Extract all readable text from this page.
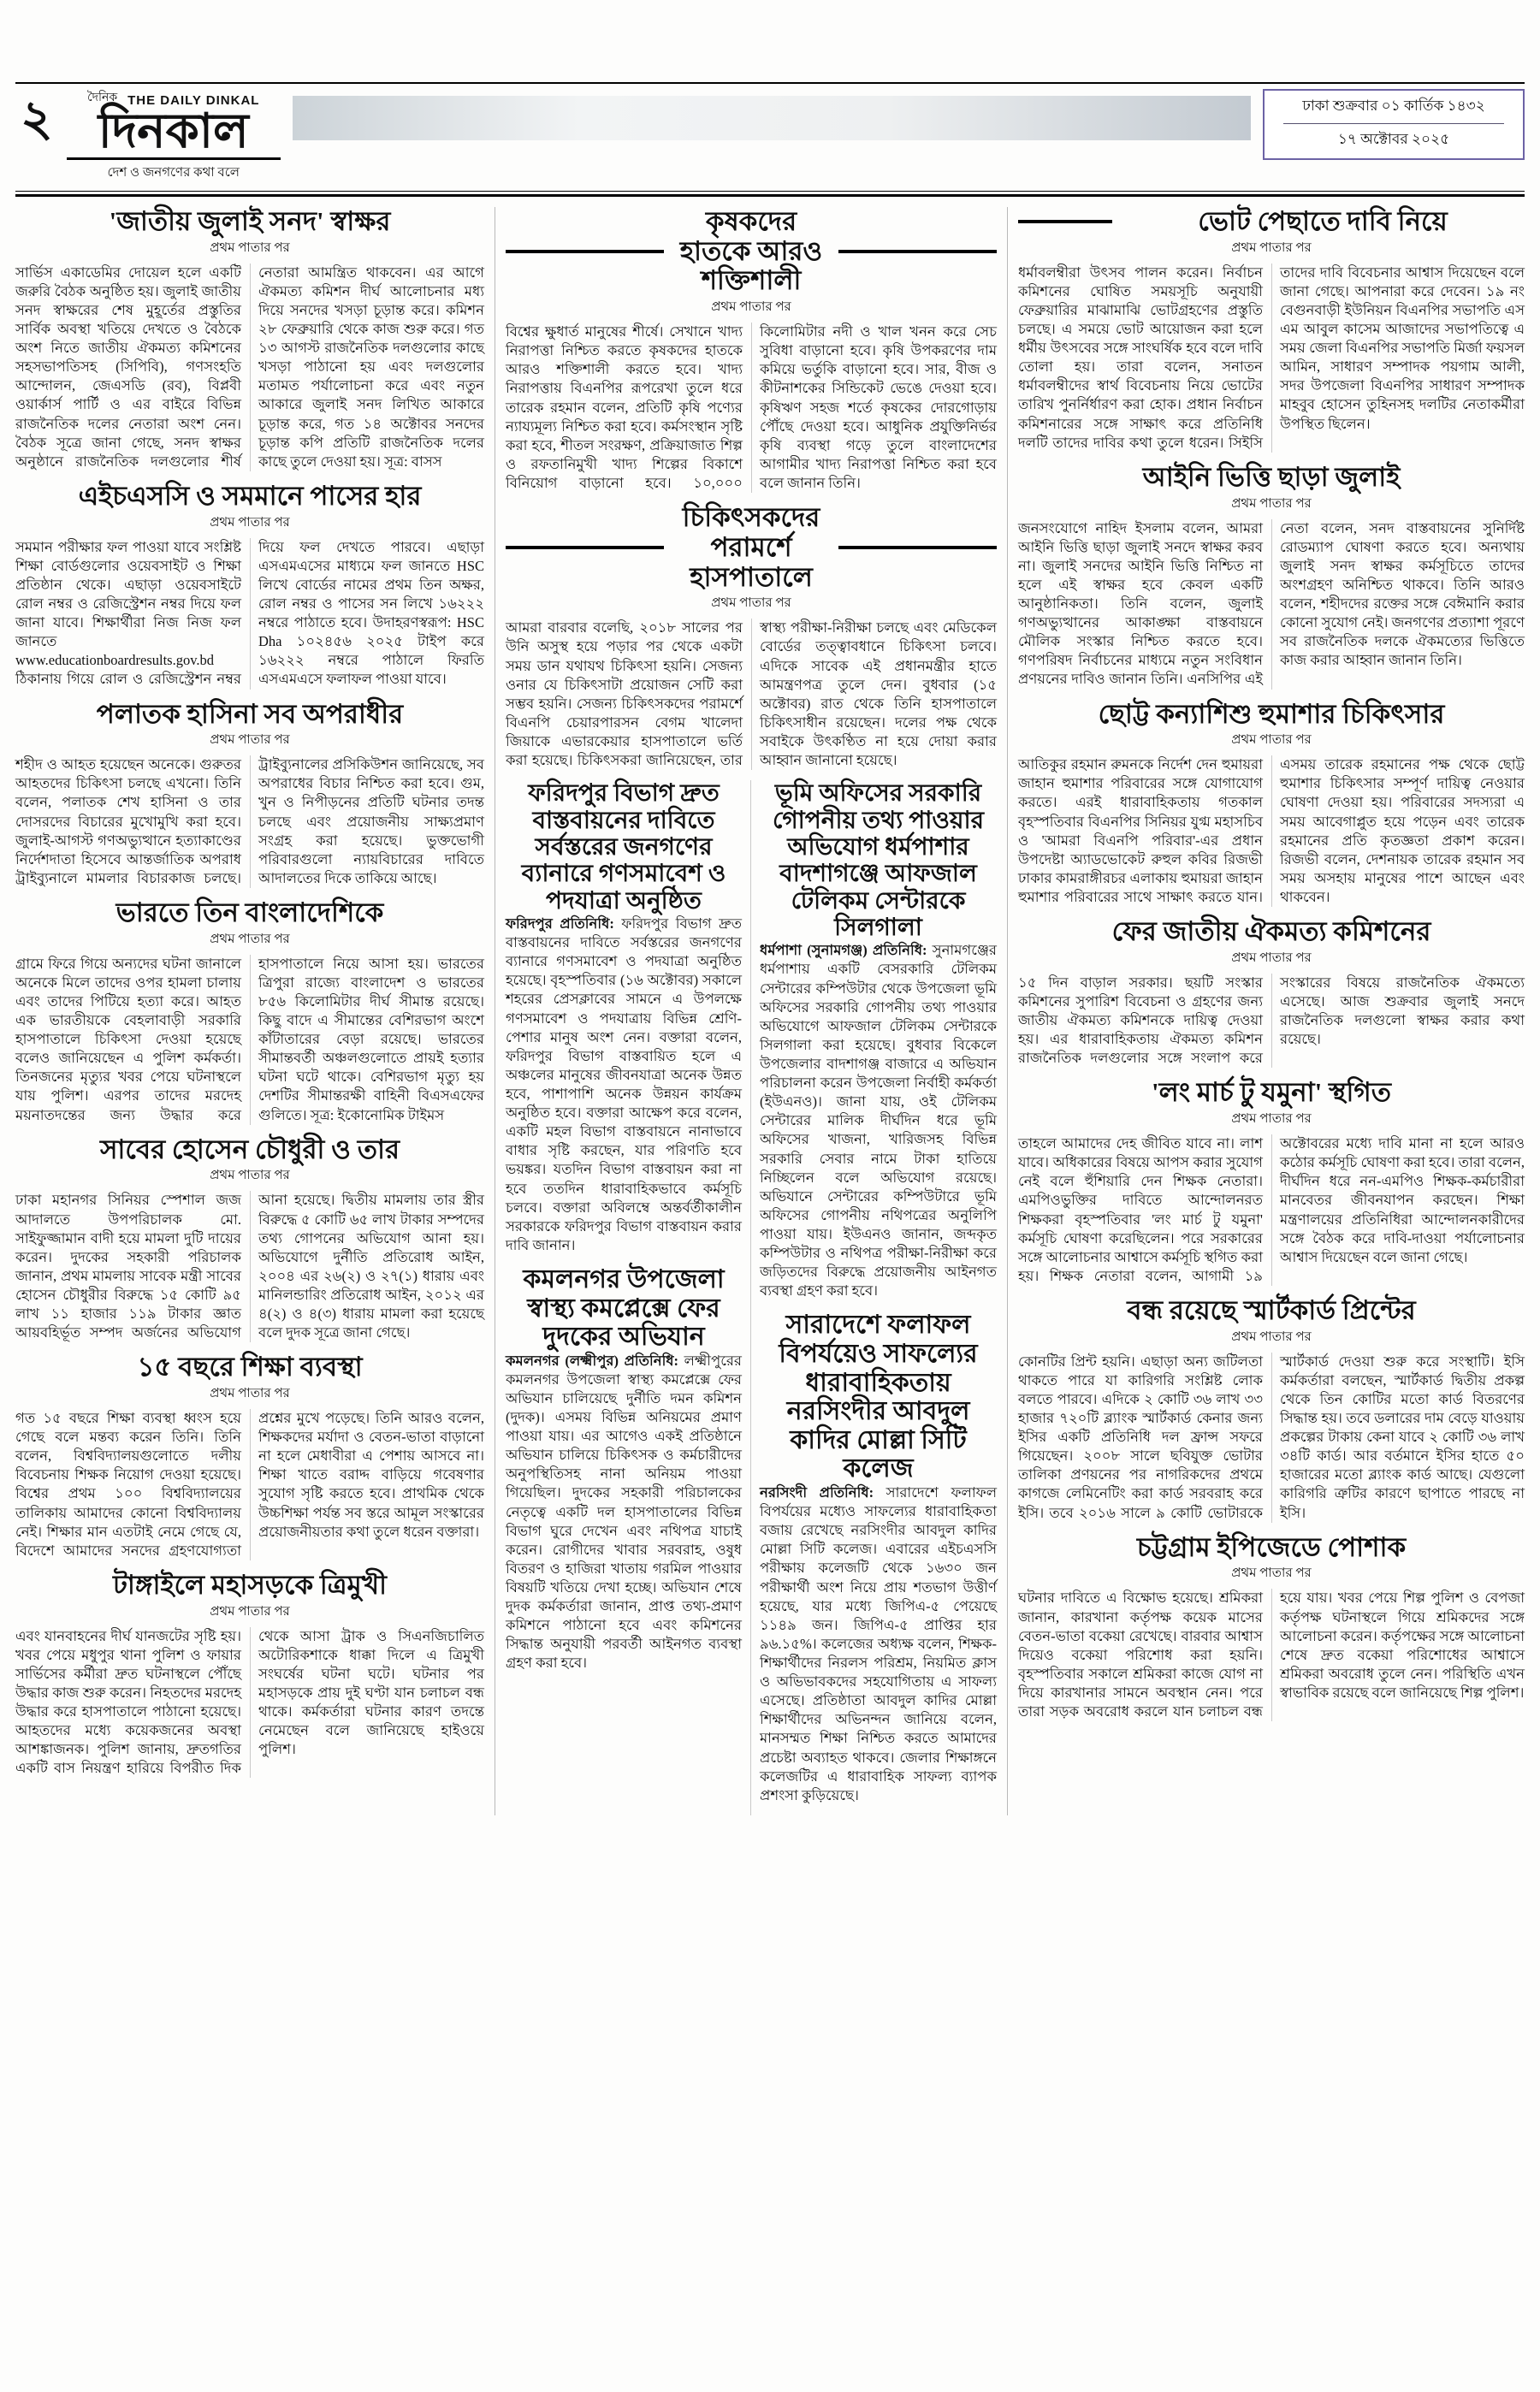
২	দৈনিক THE DAILY DINKAL
দিনকাল
দেশ ও জনগণের কথা বলে
ঢাকা শুক্রবার ০১ কার্তিক ১৪৩২
১৭ অক্টোবর ২০২৫
'জাতীয় জুলাই সনদ' স্বাক্ষর
প্রথম পাতার পর

সার্ভিস একাডেমির দোয়েল হলে একটি জরুরি বৈঠক অনুষ্ঠিত হয়। জুলাই জাতীয় সনদ স্বাক্ষরের শেষ মুহূর্তের প্রস্তুতির সার্বিক অবস্থা খতিয়ে দেখতে ও বৈঠকে অংশ নিতে জাতীয় ঐকমত্য কমিশনের সহসভাপতিসহ (সিপিবি), গণসংহতি আন্দোলন, জেএসডি (রব), বিপ্লবী ওয়ার্কার্স পার্টি ও এর বাইরে বিভিন্ন রাজনৈতিক দলের নেতারা অংশ নেন। বৈঠক সূত্রে জানা গেছে, সনদ স্বাক্ষর অনুষ্ঠানে রাজনৈতিক দলগুলোর শীর্ষ নেতারা আমন্ত্রিত থাকবেন। এর আগে ঐকমত্য কমিশন দীর্ঘ আলোচনার মধ্য দিয়ে সনদের খসড়া চূড়ান্ত করে। কমিশন ২৮ ফেব্রুয়ারি থেকে কাজ শুরু করে। গত ১৩ আগস্ট রাজনৈতিক দলগুলোর কাছে খসড়া পাঠানো হয় এবং দলগুলোর মতামত পর্যালোচনা করে এবং নতুন আকারে জুলাই সনদ লিখিত আকারে চূড়ান্ত করে, গত ১৪ অক্টোবর সনদের চূড়ান্ত কপি প্রতিটি রাজনৈতিক দলের কাছে তুলে দেওয়া হয়। সূত্র: বাসস

এইচএসসি ও সমমানে পাসের হার
প্রথম পাতার পর

সমমান পরীক্ষার ফল পাওয়া যাবে সংশ্লিষ্ট শিক্ষা বোর্ডগুলোর ওয়েবসাইট ও শিক্ষা প্রতিষ্ঠান থেকে। এছাড়া ওয়েবসাইটে রোল নম্বর ও রেজিস্ট্রেশন নম্বর দিয়ে ফল জানা যাবে। শিক্ষার্থীরা নিজ নিজ ফল জানতে www.educationboardresults.gov.bd ঠিকানায় গিয়ে রোল ও রেজিস্ট্রেশন নম্বর দিয়ে ফল দেখতে পারবে। এছাড়া এসএমএসের মাধ্যমে ফল জানতে HSC লিখে বোর্ডের নামের প্রথম তিন অক্ষর, রোল নম্বর ও পাসের সন লিখে ১৬২২২ নম্বরে পাঠাতে হবে। উদাহরণস্বরূপ: HSC Dha ১০২৪৫৬ ২০২৫ টাইপ করে ১৬২২২ নম্বরে পাঠালে ফিরতি এসএমএসে ফলাফল পাওয়া যাবে।

পলাতক হাসিনা সব অপরাধীর
প্রথম পাতার পর

শহীদ ও আহত হয়েছেন অনেকে। গুরুতর আহতদের চিকিৎসা চলছে এখনো। তিনি বলেন, পলাতক শেখ হাসিনা ও তার দোসরদের বিচারের মুখোমুখি করা হবে। জুলাই-আগস্ট গণঅভ্যুত্থানে হত্যাকাণ্ডের নির্দেশদাতা হিসেবে আন্তর্জাতিক অপরাধ ট্রাইব্যুনালে মামলার বিচারকাজ চলছে। ট্রাইব্যুনালের প্রসিকিউশন জানিয়েছে, সব অপরাধের বিচার নিশ্চিত করা হবে। গুম, খুন ও নিপীড়নের প্রতিটি ঘটনার তদন্ত চলছে এবং প্রয়োজনীয় সাক্ষ্যপ্রমাণ সংগ্রহ করা হয়েছে। ভুক্তভোগী পরিবারগুলো ন্যায়বিচারের দাবিতে আদালতের দিকে তাকিয়ে আছে।

ভারতে তিন বাংলাদেশিকে
প্রথম পাতার পর

গ্রামে ফিরে গিয়ে অন্যদের ঘটনা জানালে অনেকে মিলে তাদের ওপর হামলা চালায় এবং তাদের পিটিয়ে হত্যা করে। আহত এক ভারতীয়কে বেহলাবাড়ী সরকারি হাসপাতালে চিকিৎসা দেওয়া হয়েছে বলেও জানিয়েছেন এ পুলিশ কর্মকর্তা। তিনজনের মৃত্যুর খবর পেয়ে ঘটনাস্থলে যায় পুলিশ। এরপর তাদের মরদেহ ময়নাতদন্তের জন্য উদ্ধার করে হাসপাতালে নিয়ে আসা হয়। ভারতের ত্রিপুরা রাজ্যে বাংলাদেশ ও ভারতের ৮৫৬ কিলোমিটার দীর্ঘ সীমান্ত রয়েছে। কিছু বাদে এ সীমান্তের বেশিরভাগ অংশে কাঁটাতারের বেড়া রয়েছে। ভারতের সীমান্তবর্তী অঞ্চলগুলোতে প্রায়ই হত্যার ঘটনা ঘটে থাকে। বেশিরভাগ মৃত্যু হয় দেশটির সীমান্তরক্ষী বাহিনী বিএসএফের গুলিতে। সূত্র: ইকোনোমিক টাইমস

সাবের হোসেন চৌধুরী ও তার
প্রথম পাতার পর

ঢাকা মহানগর সিনিয়র স্পেশাল জজ আদালতে উপপরিচালক মো. সাইফুজ্জামান বাদী হয়ে মামলা দুটি দায়ের করেন। দুদকের সহকারী পরিচালক জানান, প্রথম মামলায় সাবেক মন্ত্রী সাবের হোসেন চৌধুরীর বিরুদ্ধে ১৫ কোটি ৯৫ লাখ ১১ হাজার ১১৯ টাকার জ্ঞাত আয়বহির্ভূত সম্পদ অর্জনের অভিযোগ আনা হয়েছে। দ্বিতীয় মামলায় তার স্ত্রীর বিরুদ্ধে ৫ কোটি ৬৫ লাখ টাকার সম্পদের তথ্য গোপনের অভিযোগ আনা হয়। অভিযোগে দুর্নীতি প্রতিরোধ আইন, ২০০৪ এর ২৬(২) ও ২৭(১) ধারায় এবং মানিলন্ডারিং প্রতিরোধ আইন, ২০১২ এর ৪(২) ও ৪(৩) ধারায় মামলা করা হয়েছে বলে দুদক সূত্রে জানা গেছে।

১৫ বছরে শিক্ষা ব্যবস্থা
প্রথম পাতার পর

গত ১৫ বছরে শিক্ষা ব্যবস্থা ধ্বংস হয়ে গেছে বলে মন্তব্য করেন তিনি। তিনি বলেন, বিশ্ববিদ্যালয়গুলোতে দলীয় বিবেচনায় শিক্ষক নিয়োগ দেওয়া হয়েছে। বিশ্বের প্রথম ১০০ বিশ্ববিদ্যালয়ের তালিকায় আমাদের কোনো বিশ্ববিদ্যালয় নেই। শিক্ষার মান এতটাই নেমে গেছে যে, বিদেশে আমাদের সনদের গ্রহণযোগ্যতা প্রশ্নের মুখে পড়েছে। তিনি আরও বলেন, শিক্ষকদের মর্যাদা ও বেতন-ভাতা বাড়ানো না হলে মেধাবীরা এ পেশায় আসবে না। শিক্ষা খাতে বরাদ্দ বাড়িয়ে গবেষণার সুযোগ সৃষ্টি করতে হবে। প্রাথমিক থেকে উচ্চশিক্ষা পর্যন্ত সব স্তরে আমূল সংস্কারের প্রয়োজনীয়তার কথা তুলে ধরেন বক্তারা।

টাঙ্গাইলে মহাসড়কে ত্রিমুখী
প্রথম পাতার পর

এবং যানবাহনের দীর্ঘ যানজটের সৃষ্টি হয়। খবর পেয়ে মধুপুর থানা পুলিশ ও ফায়ার সার্ভিসের কর্মীরা দ্রুত ঘটনাস্থলে পৌঁছে উদ্ধার কাজ শুরু করেন। নিহতদের মরদেহ উদ্ধার করে হাসপাতালে পাঠানো হয়েছে। আহতদের মধ্যে কয়েকজনের অবস্থা আশঙ্কাজনক। পুলিশ জানায়, দ্রুতগতির একটি বাস নিয়ন্ত্রণ হারিয়ে বিপরীত দিক থেকে আসা ট্রাক ও সিএনজিচালিত অটোরিকশাকে ধাক্কা দিলে এ ত্রিমুখী সংঘর্ষের ঘটনা ঘটে। ঘটনার পর মহাসড়কে প্রায় দুই ঘণ্টা যান চলাচল বন্ধ থাকে। কর্মকর্তারা ঘটনার কারণ তদন্তে নেমেছেন বলে জানিয়েছে হাইওয়ে পুলিশ।

কৃষকদের হাতকে আরও শক্তিশালী
প্রথম পাতার পর

বিশ্বের ক্ষুধার্ত মানুষের শীর্ষে। সেখানে খাদ্য নিরাপত্তা নিশ্চিত করতে কৃষকদের হাতকে আরও শক্তিশালী করতে হবে। খাদ্য নিরাপত্তায় বিএনপির রূপরেখা তুলে ধরে তারেক রহমান বলেন, প্রতিটি কৃষি পণ্যের ন্যায্যমূল্য নিশ্চিত করা হবে। কর্মসংস্থান সৃষ্টি করা হবে, শীতল সংরক্ষণ, প্রক্রিয়াজাত শিল্প ও রফতানিমুখী খাদ্য শিল্পের বিকাশে বিনিয়োগ বাড়ানো হবে। ১০,০০০ কিলোমিটার নদী ও খাল খনন করে সেচ সুবিধা বাড়ানো হবে। কৃষি উপকরণের দাম কমিয়ে ভর্তুকি বাড়ানো হবে। সার, বীজ ও কীটনাশকের সিন্ডিকেট ভেঙে দেওয়া হবে। কৃষিঋণ সহজ শর্তে কৃষকের দোরগোড়ায় পৌঁছে দেওয়া হবে। আধুনিক প্রযুক্তিনির্ভর কৃষি ব্যবস্থা গড়ে তুলে বাংলাদেশের আগামীর খাদ্য নিরাপত্তা নিশ্চিত করা হবে বলে জানান তিনি।

চিকিৎসকদের পরামর্শে হাসপাতালে
প্রথম পাতার পর

আমরা বারবার বলেছি, ২০১৮ সালের পর উনি অসুস্থ হয়ে পড়ার পর থেকে একটা সময় ডান যথাযথ চিকিৎসা হয়নি। সেজন্য ওনার যে চিকিৎসাটা প্রয়োজন সেটি করা সম্ভব হয়নি। সেজন্য চিকিৎসকদের পরামর্শে বিএনপি চেয়ারপারসন বেগম খালেদা জিয়াকে এভারকেয়ার হাসপাতালে ভর্তি করা হয়েছে। চিকিৎসকরা জানিয়েছেন, তার স্বাস্থ্য পরীক্ষা-নিরীক্ষা চলছে এবং মেডিকেল বোর্ডের তত্ত্বাবধানে চিকিৎসা চলবে। এদিকে সাবেক এই প্রধানমন্ত্রীর হাতে আমন্ত্রণপত্র তুলে দেন। বুধবার (১৫ অক্টোবর) রাত থেকে তিনি হাসপাতালে চিকিৎসাধীন রয়েছেন। দলের পক্ষ থেকে সবাইকে উৎকণ্ঠিত না হয়ে দোয়া করার আহ্বান জানানো হয়েছে।

ফরিদপুর বিভাগ দ্রুত বাস্তবায়নের দাবিতে সর্বস্তরের জনগণের ব্যানারে গণসমাবেশ ও পদযাত্রা অনুষ্ঠিত

ফরিদপুর প্রতিনিধি: ফরিদপুর বিভাগ দ্রুত বাস্তবায়নের দাবিতে সর্বস্তরের জনগণের ব্যানারে গণসমাবেশ ও পদযাত্রা অনুষ্ঠিত হয়েছে। বৃহস্পতিবার (১৬ অক্টোবর) সকালে শহরের প্রেসক্লাবের সামনে এ উপলক্ষে গণসমাবেশ ও পদযাত্রায় বিভিন্ন শ্রেণি-পেশার মানুষ অংশ নেন। বক্তারা বলেন, ফরিদপুর বিভাগ বাস্তবায়িত হলে এ অঞ্চলের মানুষের জীবনযাত্রা অনেক উন্নত হবে, পাশাপাশি অনেক উন্নয়ন কার্যক্রম অনুষ্ঠিত হবে। বক্তারা আক্ষেপ করে বলেন, একটি মহল বিভাগ বাস্তবায়নে নানাভাবে বাধার সৃষ্টি করছেন, যার পরিণতি হবে ভয়ঙ্কর। যতদিন বিভাগ বাস্তবায়ন করা না হবে ততদিন ধারাবাহিকভাবে কর্মসূচি চলবে। বক্তারা অবিলম্বে অন্তর্বর্তীকালীন সরকারকে ফরিদপুর বিভাগ বাস্তবায়ন করার দাবি জানান।

কমলনগর উপজেলা স্বাস্থ্য কমপ্লেক্সে ফের দুদকের অভিযান

কমলনগর (লক্ষ্মীপুর) প্রতিনিধি: লক্ষ্মীপুরের কমলনগর উপজেলা স্বাস্থ্য কমপ্লেক্সে ফের অভিযান চালিয়েছে দুর্নীতি দমন কমিশন (দুদক)। এসময় বিভিন্ন অনিয়মের প্রমাণ পাওয়া যায়। এর আগেও একই প্রতিষ্ঠানে অভিযান চালিয়ে চিকিৎসক ও কর্মচারীদের অনুপস্থিতিসহ নানা অনিয়ম পাওয়া গিয়েছিল। দুদকের সহকারী পরিচালকের নেতৃত্বে একটি দল হাসপাতালের বিভিন্ন বিভাগ ঘুরে দেখেন এবং নথিপত্র যাচাই করেন। রোগীদের খাবার সরবরাহ, ওষুধ বিতরণ ও হাজিরা খাতায় গরমিল পাওয়ার বিষয়টি খতিয়ে দেখা হচ্ছে। অভিযান শেষে দুদক কর্মকর্তারা জানান, প্রাপ্ত তথ্য-প্রমাণ কমিশনে পাঠানো হবে এবং কমিশনের সিদ্ধান্ত অনুযায়ী পরবর্তী আইনগত ব্যবস্থা গ্রহণ করা হবে।

ভূমি অফিসের সরকারি গোপনীয় তথ্য পাওয়ার অভিযোগ ধর্মপাশার বাদশাগঞ্জে আফজাল টেলিকম সেন্টারকে সিলগালা

ধর্মপাশা (সুনামগঞ্জ) প্রতিনিধি: সুনামগঞ্জের ধর্মপাশায় একটি বেসরকারি টেলিকম সেন্টারের কম্পিউটার থেকে উপজেলা ভূমি অফিসের সরকারি গোপনীয় তথ্য পাওয়ার অভিযোগে আফজাল টেলিকম সেন্টারকে সিলগালা করা হয়েছে। বুধবার বিকেলে উপজেলার বাদশাগঞ্জ বাজারে এ অভিযান পরিচালনা করেন উপজেলা নির্বাহী কর্মকর্তা (ইউএনও)। জানা যায়, ওই টেলিকম সেন্টারের মালিক দীর্ঘদিন ধরে ভূমি অফিসের খাজনা, খারিজসহ বিভিন্ন সরকারি সেবার নামে টাকা হাতিয়ে নিচ্ছিলেন বলে অভিযোগ রয়েছে। অভিযানে সেন্টারের কম্পিউটারে ভূমি অফিসের গোপনীয় নথিপত্রের অনুলিপি পাওয়া যায়। ইউএনও জানান, জব্দকৃত কম্পিউটার ও নথিপত্র পরীক্ষা-নিরীক্ষা করে জড়িতদের বিরুদ্ধে প্রয়োজনীয় আইনগত ব্যবস্থা গ্রহণ করা হবে।

সারাদেশে ফলাফল বিপর্যয়েও সাফল্যের ধারাবাহিকতায় নরসিংদীর আবদুল কাদির মোল্লা সিটি কলেজ

নরসিংদী প্রতিনিধি: সারাদেশে ফলাফল বিপর্যয়ের মধ্যেও সাফল্যের ধারাবাহিকতা বজায় রেখেছে নরসিংদীর আবদুল কাদির মোল্লা সিটি কলেজ। এবারের এইচএসসি পরীক্ষায় কলেজটি থেকে ১৬৩০ জন পরীক্ষার্থী অংশ নিয়ে প্রায় শতভাগ উত্তীর্ণ হয়েছে, যার মধ্যে জিপিএ-৫ পেয়েছে ১১৪৯ জন। জিপিএ-৫ প্রাপ্তির হার ৯৬.১৫%। কলেজের অধ্যক্ষ বলেন, শিক্ষক-শিক্ষার্থীদের নিরলস পরিশ্রম, নিয়মিত ক্লাস ও অভিভাবকদের সহযোগিতায় এ সাফল্য এসেছে। প্রতিষ্ঠাতা আবদুল কাদির মোল্লা শিক্ষার্থীদের অভিনন্দন জানিয়ে বলেন, মানসম্মত শিক্ষা নিশ্চিত করতে আমাদের প্রচেষ্টা অব্যাহত থাকবে। জেলার শিক্ষাঙ্গনে কলেজটির এ ধারাবাহিক সাফল্য ব্যাপক প্রশংসা কুড়িয়েছে।

ভোট পেছাতে দাবি নিয়ে
প্রথম পাতার পর

ধর্মাবলম্বীরা উৎসব পালন করেন। নির্বাচন কমিশনের ঘোষিত সময়সূচি অনুযায়ী ফেব্রুয়ারির মাঝামাঝি ভোটগ্রহণের প্রস্তুতি চলছে। এ সময়ে ভোট আয়োজন করা হলে ধর্মীয় উৎসবের সঙ্গে সাংঘর্ষিক হবে বলে দাবি তোলা হয়। তারা বলেন, সনাতন ধর্মাবলম্বীদের স্বার্থ বিবেচনায় নিয়ে ভোটের তারিখ পুনর্নির্ধারণ করা হোক। প্রধান নির্বাচন কমিশনারের সঙ্গে সাক্ষাৎ করে প্রতিনিধি দলটি তাদের দাবির কথা তুলে ধরেন। সিইসি তাদের দাবি বিবেচনার আশ্বাস দিয়েছেন বলে জানা গেছে। আপনারা করে দেবেন। ১৯ নং বেগুনবাড়ী ইউনিয়ন বিএনপির সভাপতি এস এম আবুল কাসেম আজাদের সভাপতিত্বে এ সময় জেলা বিএনপির সভাপতি মির্জা ফয়সল আমিন, সাধারণ সম্পাদক পয়গাম আলী, সদর উপজেলা বিএনপির সাধারণ সম্পাদক মাহবুব হোসেন তুহিনসহ দলটির নেতাকর্মীরা উপস্থিত ছিলেন।

আইনি ভিত্তি ছাড়া জুলাই
প্রথম পাতার পর

জনসংযোগে নাহিদ ইসলাম বলেন, আমরা আইনি ভিত্তি ছাড়া জুলাই সনদে স্বাক্ষর করব না। জুলাই সনদের আইনি ভিত্তি নিশ্চিত না হলে এই স্বাক্ষর হবে কেবল একটি আনুষ্ঠানিকতা। তিনি বলেন, জুলাই গণঅভ্যুত্থানের আকাঙ্ক্ষা বাস্তবায়নে মৌলিক সংস্কার নিশ্চিত করতে হবে। গণপরিষদ নির্বাচনের মাধ্যমে নতুন সংবিধান প্রণয়নের দাবিও জানান তিনি। এনসিপির এই নেতা বলেন, সনদ বাস্তবায়নের সুনির্দিষ্ট রোডম্যাপ ঘোষণা করতে হবে। অন্যথায় জুলাই সনদ স্বাক্ষর কর্মসূচিতে তাদের অংশগ্রহণ অনিশ্চিত থাকবে। তিনি আরও বলেন, শহীদদের রক্তের সঙ্গে বেঈমানি করার কোনো সুযোগ নেই। জনগণের প্রত্যাশা পূরণে সব রাজনৈতিক দলকে ঐকমত্যের ভিত্তিতে কাজ করার আহ্বান জানান তিনি।

ছোট্ট কন্যাশিশু হুমাশার চিকিৎসার
প্রথম পাতার পর

আতিকুর রহমান রুমনকে নির্দেশ দেন হুমায়রা জাহান হুমাশার পরিবারের সঙ্গে যোগাযোগ করতে। এরই ধারাবাহিকতায় গতকাল বৃহস্পতিবার বিএনপির সিনিয়র যুগ্ম মহাসচিব ও 'আমরা বিএনপি পরিবার'-এর প্রধান উপদেষ্টা অ্যাডভোকেট রুহুল কবির রিজভী ঢাকার কামরাঙ্গীরচর এলাকায় হুমায়রা জাহান হুমাশার পরিবারের সাথে সাক্ষাৎ করতে যান। এসময় তারেক রহমানের পক্ষ থেকে ছোট্ট হুমাশার চিকিৎসার সম্পূর্ণ দায়িত্ব নেওয়ার ঘোষণা দেওয়া হয়। পরিবারের সদস্যরা এ সময় আবেগাপ্লুত হয়ে পড়েন এবং তারেক রহমানের প্রতি কৃতজ্ঞতা প্রকাশ করেন। রিজভী বলেন, দেশনায়ক তারেক রহমান সব সময় অসহায় মানুষের পাশে আছেন এবং থাকবেন।

ফের জাতীয় ঐকমত্য কমিশনের
প্রথম পাতার পর

১৫ দিন বাড়াল সরকার। ছয়টি সংস্কার কমিশনের সুপারিশ বিবেচনা ও গ্রহণের জন্য জাতীয় ঐকমত্য কমিশনকে দায়িত্ব দেওয়া হয়। এর ধারাবাহিকতায় ঐকমত্য কমিশন রাজনৈতিক দলগুলোর সঙ্গে সংলাপ করে সংস্কারের বিষয়ে রাজনৈতিক ঐকমত্যে এসেছে। আজ শুক্রবার জুলাই সনদে রাজনৈতিক দলগুলো স্বাক্ষর করার কথা রয়েছে।

'লং মার্চ টু যমুনা' স্থগিত
প্রথম পাতার পর

তাহলে আমাদের দেহ জীবিত যাবে না। লাশ যাবে। অধিকারের বিষয়ে আপস করার সুযোগ নেই বলে হুঁশিয়ারি দেন শিক্ষক নেতারা। এমপিওভুক্তির দাবিতে আন্দোলনরত শিক্ষকরা বৃহস্পতিবার 'লং মার্চ টু যমুনা' কর্মসূচি ঘোষণা করেছিলেন। পরে সরকারের সঙ্গে আলোচনার আশ্বাসে কর্মসূচি স্থগিত করা হয়। শিক্ষক নেতারা বলেন, আগামী ১৯ অক্টোবরের মধ্যে দাবি মানা না হলে আরও কঠোর কর্মসূচি ঘোষণা করা হবে। তারা বলেন, দীর্ঘদিন ধরে নন-এমপিও শিক্ষক-কর্মচারীরা মানবেতর জীবনযাপন করছেন। শিক্ষা মন্ত্রণালয়ের প্রতিনিধিরা আন্দোলনকারীদের সঙ্গে বৈঠক করে দাবি-দাওয়া পর্যালোচনার আশ্বাস দিয়েছেন বলে জানা গেছে।

বন্ধ রয়েছে স্মার্টকার্ড প্রিন্টের
প্রথম পাতার পর

কোনটির প্রিন্ট হয়নি। এছাড়া অন্য জটিলতা থাকতে পারে যা কারিগরি সংশ্লিষ্ট লোক বলতে পারবে। এদিকে ২ কোটি ৩৬ লাখ ৩৩ হাজার ৭২০টি ব্ল্যাংক স্মার্টকার্ড কেনার জন্য ইসির একটি প্রতিনিধি দল ফ্রান্স সফরে গিয়েছেন। ২০০৮ সালে ছবিযুক্ত ভোটার তালিকা প্রণয়নের পর নাগরিকদের প্রথমে কাগজে লেমিনেটিং করা কার্ড সরবরাহ করে ইসি। তবে ২০১৬ সালে ৯ কোটি ভোটারকে স্মার্টকার্ড দেওয়া শুরু করে সংস্থাটি। ইসি কর্মকর্তারা বলছেন, স্মার্টকার্ড দ্বিতীয় প্রকল্প থেকে তিন কোটির মতো কার্ড বিতরণের সিদ্ধান্ত হয়। তবে ডলারের দাম বেড়ে যাওয়ায় প্রকল্পের টাকায় কেনা যাবে ২ কোটি ৩৬ লাখ ৩৪টি কার্ড। আর বর্তমানে ইসির হাতে ৫০ হাজারের মতো ব্ল্যাংক কার্ড আছে। যেগুলো কারিগরি ত্রুটির কারণে ছাপাতে পারছে না ইসি।

চট্টগ্রাম ইপিজেডে পোশাক
প্রথম পাতার পর

ঘটনার দাবিতে এ বিক্ষোভ হয়েছে। শ্রমিকরা জানান, কারখানা কর্তৃপক্ষ কয়েক মাসের বেতন-ভাতা বকেয়া রেখেছে। বারবার আশ্বাস দিয়েও বকেয়া পরিশোধ করা হয়নি। বৃহস্পতিবার সকালে শ্রমিকরা কাজে যোগ না দিয়ে কারখানার সামনে অবস্থান নেন। পরে তারা সড়ক অবরোধ করলে যান চলাচল বন্ধ হয়ে যায়। খবর পেয়ে শিল্প পুলিশ ও বেপজা কর্তৃপক্ষ ঘটনাস্থলে গিয়ে শ্রমিকদের সঙ্গে আলোচনা করেন। কর্তৃপক্ষের সঙ্গে আলোচনা শেষে দ্রুত বকেয়া পরিশোধের আশ্বাসে শ্রমিকরা অবরোধ তুলে নেন। পরিস্থিতি এখন স্বাভাবিক রয়েছে বলে জানিয়েছে শিল্প পুলিশ।
